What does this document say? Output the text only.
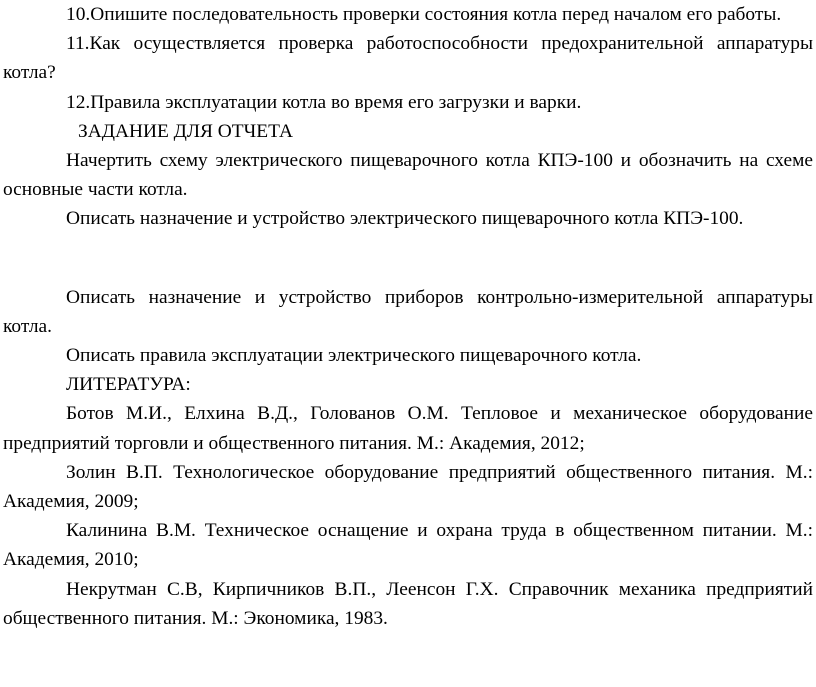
10.Опишите последовательность проверки состояния котла перед началом его работы.

11.Как осуществляется проверка работоспособности предохранительной аппаратуры котла?

12.Правила эксплуатации котла во время его загрузки и варки.

ЗАДАНИЕ ДЛЯ ОТЧЕТА

Начертить схему электрического пищеварочного котла КПЭ-100 и обозначить на схеме основные части котла.

Описать назначение и устройство электрического пищеварочного котла КПЭ-100.

Описать назначение и устройство приборов контрольно-измерительной аппаратуры котла.

Описать правила эксплуатации электрического пищеварочного котла.

ЛИТЕРАТУРА:

Ботов М.И., Елхина В.Д., Голованов О.М. Тепловое и механическое оборудование предприятий торговли и общественного питания. М.: Академия, 2012;

Золин В.П. Технологическое оборудование предприятий общественного питания. М.: Академия, 2009;

Калинина В.М. Техническое оснащение и охрана труда в общественном питании. М.: Академия, 2010;

Некрутман С.В, Кирпичников В.П., Леенсон Г.Х. Справочник механика предприятий общественного питания. М.: Экономика, 1983.
